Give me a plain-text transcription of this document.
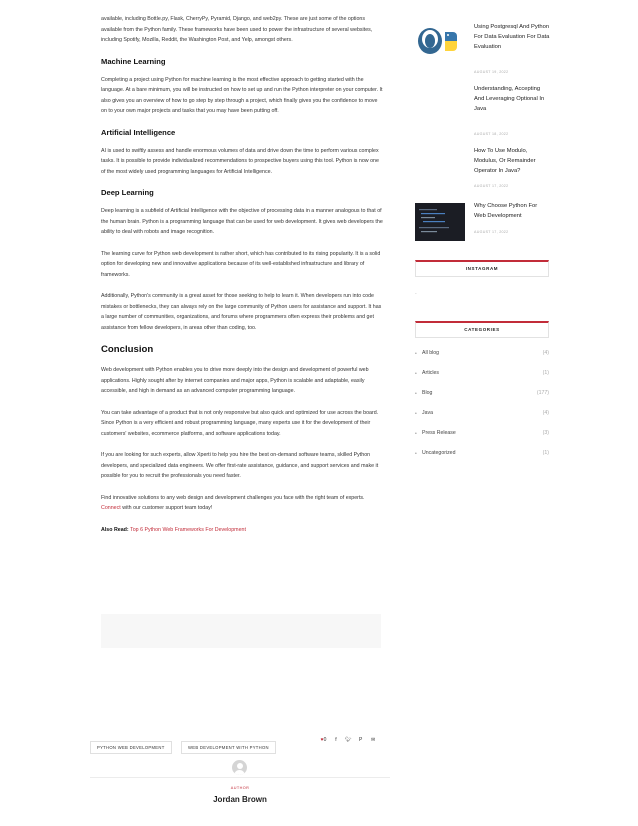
available, including Bottle.py, Flask, CherryPy, Pyramid, Django, and web2py. These are just some of the options available from the Python family. These frameworks have been used to power the infrastructure of several websites, including Spotify, Mozilla, Reddit, the Washington Post, and Yelp, amongst others.

Machine Learning

Completing a project using Python for machine learning is the most effective approach to getting started with the language. At a bare minimum, you will be instructed on how to set up and run the Python interpreter on your computer. It also gives you an overview of how to go step by step through a project, which finally gives you the confidence to move on to your own major projects and tasks that you may have been putting off.

Artificial Intelligence

AI is used to swiftly assess and handle enormous volumes of data and drive down the time to perform various complex tasks. It is possible to provide individualized recommendations to prospective buyers using this tool. Python is now one of the most widely used programming languages for Artificial Intelligence.

Deep Learning

Deep learning is a subfield of Artificial Intelligence with the objective of processing data in a manner analogous to that of the human brain. Python is a programming language that can be used for web development. It gives web developers the ability to deal with robots and image recognition.

The learning curve for Python web development is rather short, which has contributed to its rising popularity. It is a solid option for developing new and innovative applications because of its well-established infrastructure and library of frameworks.

Additionally, Python's community is a great asset for those seeking to help to learn it. When developers run into code mistakes or bottlenecks, they can always rely on the large community of Python users for assistance and support. It has a large number of communities, organizations, and forums where programmers often express their problems and get assistance from fellow developers, in areas other than coding, too.

Conclusion

Web development with Python enables you to drive more deeply into the design and development of powerful web applications. Highly sought after by internet companies and major apps, Python is scalable and adaptable, easily accessible, and high in demand as an advanced computer programming language.

You can take advantage of a product that is not only responsive but also quick and optimized for use across the board. Since Python is a very efficient and robust programming language, many experts use it for the development of their customers' websites, ecommerce platforms, and software applications today.

If you are looking for such experts, allow Xperti to help you hire the best on-demand software teams, skilled Python developers, and specialized data engineers. We offer first-rate assistance, guidance, and support services and make it possible for you to recruit the professionals you need faster.

Find innovative solutions to any web design and development challenges you face with the right team of experts. Connect with our customer support team today!

Also Read: Top 6 Python Web Frameworks For Development
Using Postgresql And Python For Data Evaluation For Data Evaluation
AUGUST 19, 2022
Understanding, Accepting And Leveraging Optional In Java
AUGUST 18, 2022
How To Use Modulo, Modulus, Or Remainder Operator In Java?
AUGUST 17, 2022
Why Choose Python For Web Development
AUGUST 17, 2022
INSTAGRAM
-
CATEGORIES
• All blog	(4)
• Articles	(1)
• Blog	(177)
• Java	(4)
• Press Release	(3)
• Uncategorized	(1)
PYTHON WEB DEVELOPMENT	WEB DEVELOPMENT WITH PYTHON
♥0 f 🐦︎ P ✉
AUTHOR
Jordan Brown
